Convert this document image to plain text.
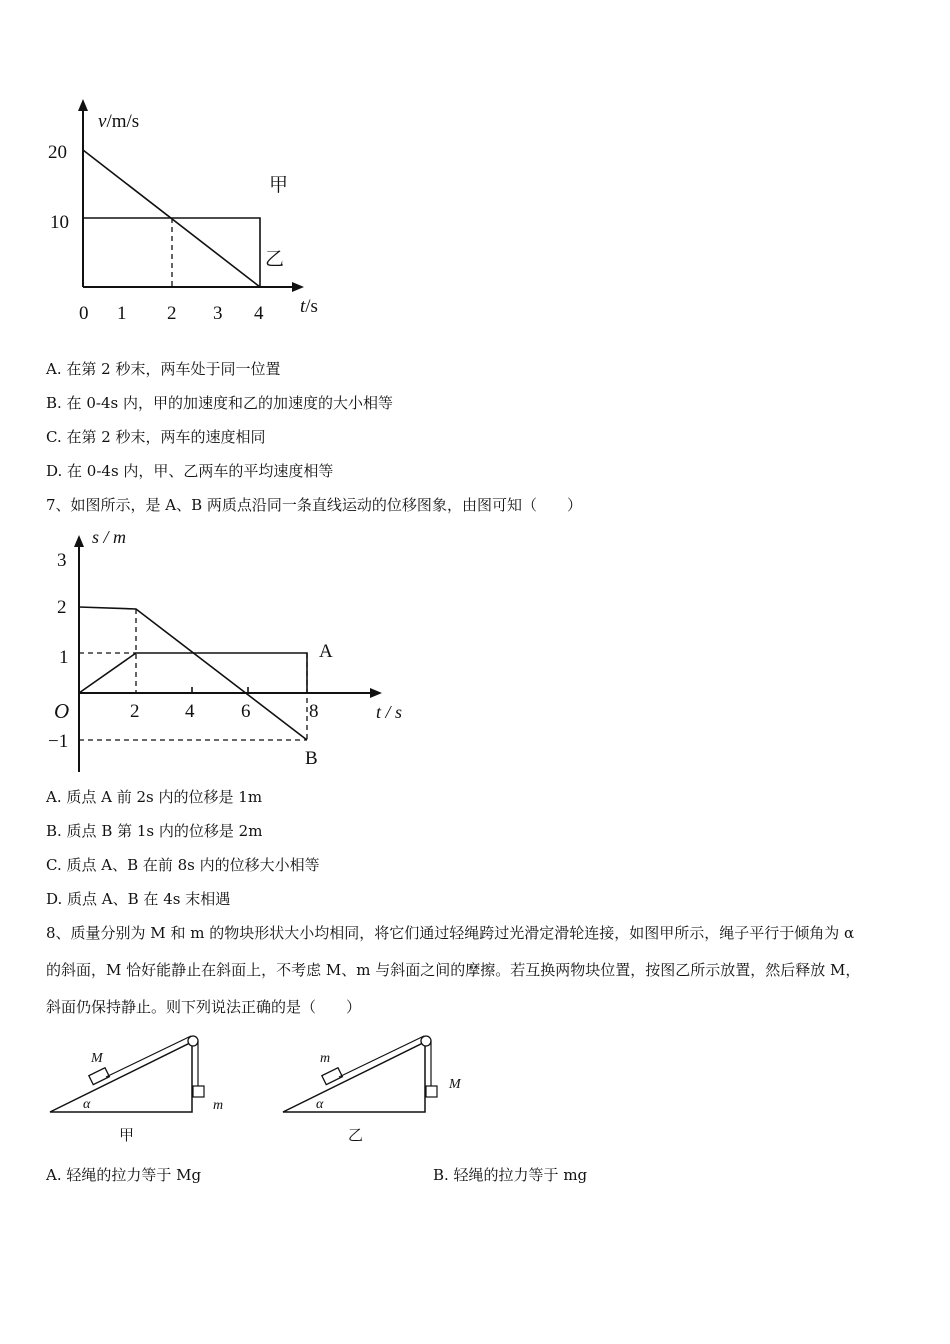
v/m/s
20
10
0 1 2 3 4 t/s
甲
乙
A. 在第 2 秒末，两车处于同一位置
B. 在 0-4s 内，甲的加速度和乙的加速度的大小相等
C. 在第 2 秒末，两车的速度相同
D. 在 0-4s 内，甲、乙两车的平均速度相等
7、如图所示，是 A、B 两质点沿同一条直线运动的位移图象，由图可知（　　）
s / m
3
2
1
−1
O	2 4 6	8	t / s
A
B
A. 质点 A 前 2s 内的位移是 1m
B. 质点 B 第 1s 内的位移是 2m
C. 质点 A、B 在前 8s 内的位移大小相等
D. 质点 A、B 在 4s 末相遇
8、质量分别为 M 和 m 的物块形状大小均相同，将它们通过轻绳跨过光滑定滑轮连接，如图甲所示，绳子平行于倾角为 α
的斜面，M 恰好能静止在斜面上，不考虑 M、m 与斜面之间的摩擦。若互换两物块位置，按图乙所示放置，然后释放 M，
斜面仍保持静止。则下列说法正确的是（　　）
M
m
α
甲
m
M
α
乙
A. 轻绳的拉力等于 Mg	B. 轻绳的拉力等于 mg
